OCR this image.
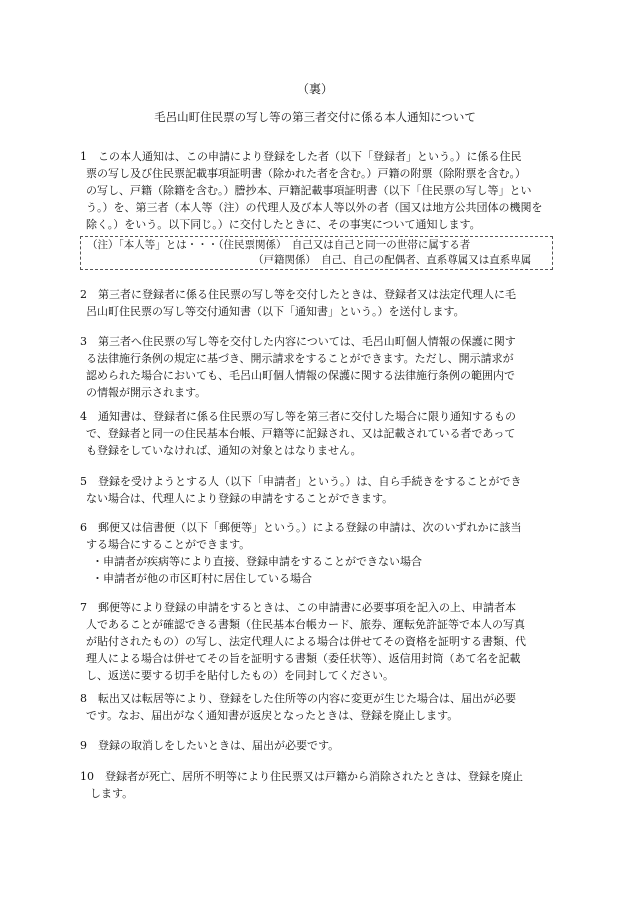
（裏）
毛呂山町住民票の写し等の第三者交付に係る本人通知について
1　この本人通知は、この申請により登録をした者（以下「登録者」という。）に係る住民
票の写し及び住民票記載事項証明書（除かれた者を含む。）戸籍の附票（除附票を含む。）
の写し、戸籍（除籍を含む。）謄抄本、戸籍記載事項証明書（以下「住民票の写し等」とい
う。）を、第三者（本人等（注）の代理人及び本人等以外の者（国又は地方公共団体の機関を
除く。）をいう。以下同じ。）に交付したときに、その事実について通知します。
（注）「本人等」とは・・・（住民票関係）　自己又は自己と同一の世帯に属する者
（戸籍関係）　自己、自己の配偶者、直系尊属又は直系卑属
2　第三者に登録者に係る住民票の写し等を交付したときは、登録者又は法定代理人に毛
呂山町住民票の写し等交付通知書（以下「通知書」という。）を送付します。
3　第三者へ住民票の写し等を交付した内容については、毛呂山町個人情報の保護に関す
る法律施行条例の規定に基づき、開示請求をすることができます。ただし、開示請求が
認められた場合においても、毛呂山町個人情報の保護に関する法律施行条例の範囲内で
の情報が開示されます。
4　通知書は、登録者に係る住民票の写し等を第三者に交付した場合に限り通知するもの
で、登録者と同一の住民基本台帳、戸籍等に記録され、又は記載されている者であって
も登録をしていなければ、通知の対象とはなりません。
5　登録を受けようとする人（以下「申請者」という。）は、自ら手続きをすることができ
ない場合は、代理人により登録の申請をすることができます。
6　郵便又は信書便（以下「郵便等」という。）による登録の申請は、次のいずれかに該当
する場合にすることができます。
・申請者が疾病等により直接、登録申請をすることができない場合
・申請者が他の市区町村に居住している場合
7　郵便等により登録の申請をするときは、この申請書に必要事項を記入の上、申請者本
人であることが確認できる書類（住民基本台帳カード、旅券、運転免許証等で本人の写真
が貼付されたもの）の写し、法定代理人による場合は併せてその資格を証明する書類、代
理人による場合は併せてその旨を証明する書類（委任状等）、返信用封筒（あて名を記載
し、返送に要する切手を貼付したもの）を同封してください。
8　転出又は転居等により、登録をした住所等の内容に変更が生じた場合は、届出が必要
です。なお、届出がなく通知書が返戻となったときは、登録を廃止します。
9　登録の取消しをしたいときは、届出が必要です。
10　登録者が死亡、居所不明等により住民票又は戸籍から消除されたときは、登録を廃止
します。
